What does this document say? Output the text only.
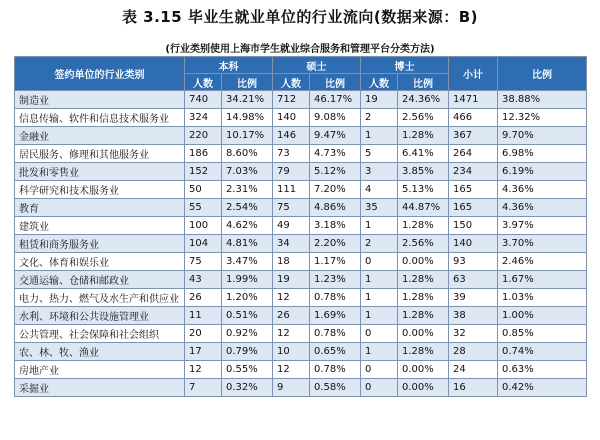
表 3.15 毕业生就业单位的行业流向(数据来源：B)
(行业类别使用上海市学生就业综合服务和管理平台分类方法)
签约单位的行业类别	本科		硕士		博士		小计	比例
	人数	比例	人数	比例	人数	比例		
制造业	740	34.21%	712	46.17%	19	24.36%	1471	38.88%
信息传输、软件和信息技术服务业	324	14.98%	140	9.08%	2	2.56%	466	12.32%
金融业	220	10.17%	146	9.47%	1	1.28%	367	9.70%
居民服务、修理和其他服务业	186	8.60%	73	4.73%	5	6.41%	264	6.98%
批发和零售业	152	7.03%	79	5.12%	3	3.85%	234	6.19%
科学研究和技术服务业	50	2.31%	111	7.20%	4	5.13%	165	4.36%
教育	55	2.54%	75	4.86%	35	44.87%	165	4.36%
建筑业	100	4.62%	49	3.18%	1	1.28%	150	3.97%
租赁和商务服务业	104	4.81%	34	2.20%	2	2.56%	140	3.70%
文化、体育和娱乐业	75	3.47%	18	1.17%	0	0.00%	93	2.46%
交通运输、仓储和邮政业	43	1.99%	19	1.23%	1	1.28%	63	1.67%
电力、热力、燃气及水生产和供应业	26	1.20%	12	0.78%	1	1.28%	39	1.03%
水利、环境和公共设施管理业	11	0.51%	26	1.69%	1	1.28%	38	1.00%
公共管理、社会保障和社会组织	20	0.92%	12	0.78%	0	0.00%	32	0.85%
农、林、牧、渔业	17	0.79%	10	0.65%	1	1.28%	28	0.74%
房地产业	12	0.55%	12	0.78%	0	0.00%	24	0.63%
采掘业	7	0.32%	9	0.58%	0	0.00%	16	0.42%
